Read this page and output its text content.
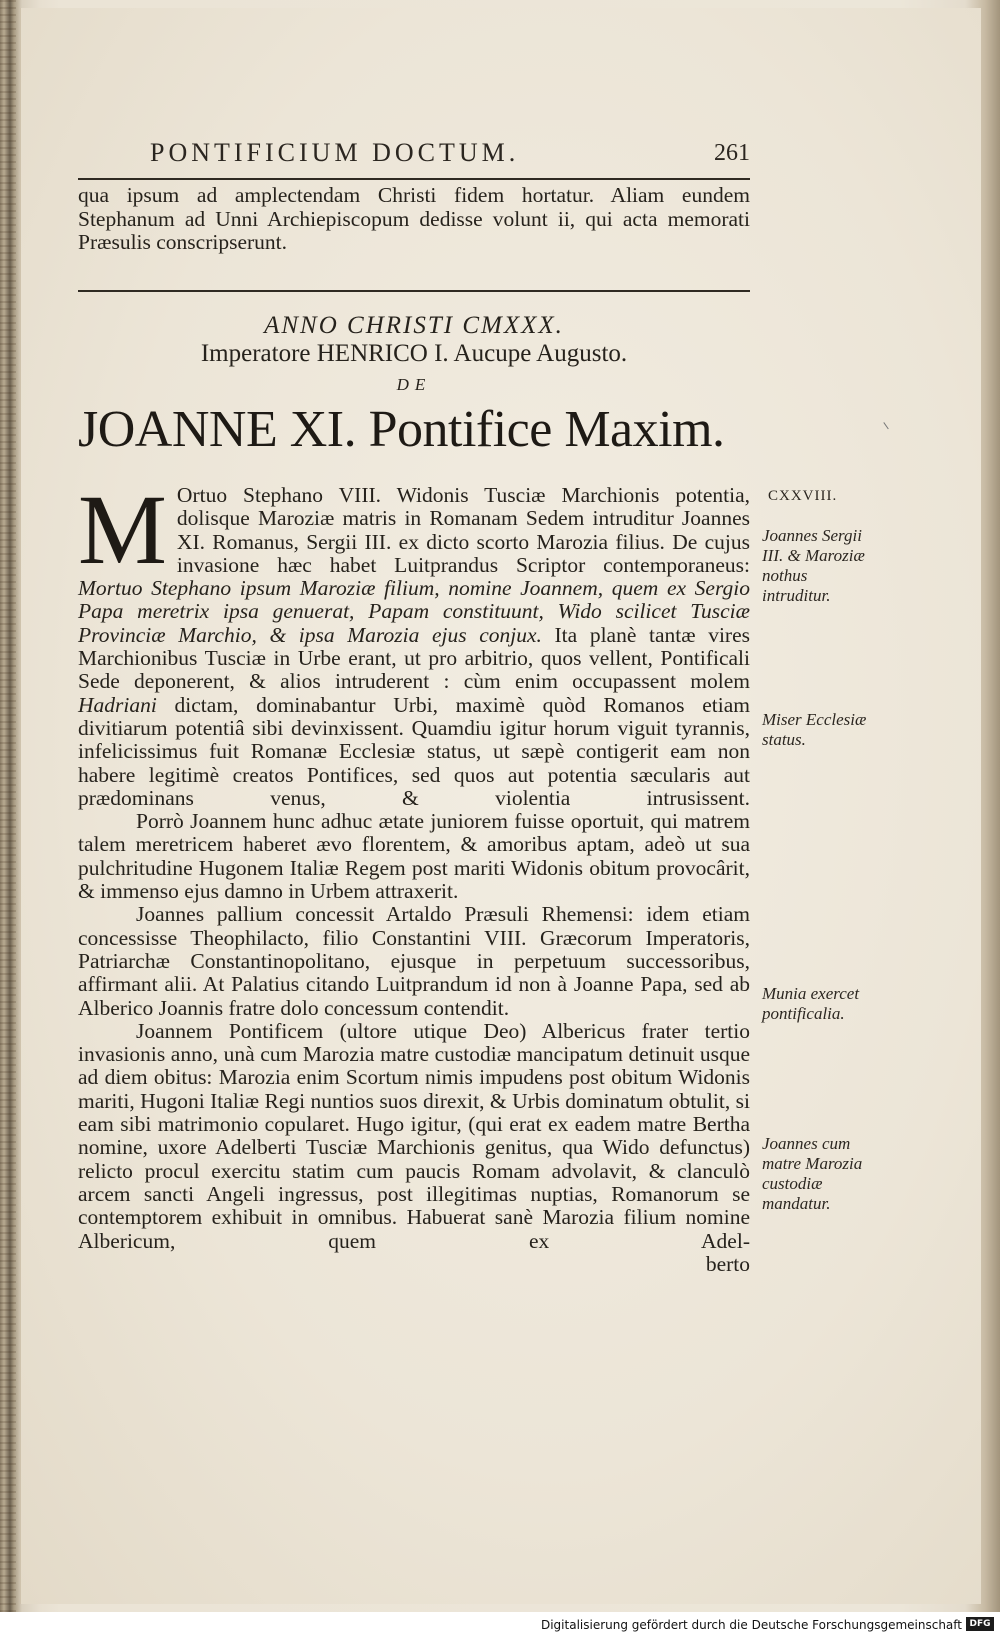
PONTIFICIUM DOCTUM.	261
qua ipsum ad amplectendam Christi fidem hortatur. Aliam eundem Stephanum ad Unni Archiepiscopum dedisse volunt ii, qui acta memorati Præsulis conscripserunt.
ANNO CHRISTI CMXXX.
Imperatore HENRICO I. Aucupe Augusto.
DE
JOANNE XI. Pontifice Maxim.

M Ortuo Stephano VIII. Widonis Tusciæ Marchionis potentia, dolisque Maroziæ matris in Romanam Sedem intruditur Joannes XI. Romanus, Sergii III. ex dicto scorto Marozia filius. De cujus invasione hæc habet Luitprandus Scriptor contemporaneus: Mortuo Stephano ipsum Maroziæ filium, nomine Joannem, quem ex Sergio Papa meretrix ipsa genuerat, Papam constituunt, Wido scilicet Tusciæ Provinciæ Marchio, & ipsa Marozia ejus conjux. Ita planè tantæ vires Marchionibus Tusciæ in Urbe erant, ut pro arbitrio, quos vellent, Pontificali Sede deponerent, & alios intruderent : cùm enim occupassent molem Hadriani dictam, dominabantur Urbi, maximè quòd Romanos etiam divitiarum potentiâ sibi devinxissent. Quamdiu igitur horum viguit tyrannis, infelicissimus fuit Romanæ Ecclesiæ status, ut sæpè contigerit eam non habere legitimè creatos Pontifices, sed quos aut potentia sæcularis aut prædominans venus, & violentia intrusissent.

Porrò Joannem hunc adhuc ætate juniorem fuisse oportuit, qui matrem talem meretricem haberet ævo florentem, & amoribus aptam, adeò ut sua pulchritudine Hugonem Italiæ Regem post mariti Widonis obitum provocârit, & immenso ejus damno in Urbem attraxerit.

Joannes pallium concessit Artaldo Præsuli Rhemensi: idem etiam concessisse Theophilacto, filio Constantini VIII. Græcorum Imperatoris, Patriarchæ Constantinopolitano, ejusque in perpetuum successoribus, affirmant alii. At Palatius citando Luitprandum id non à Joanne Papa, sed ab Alberico Joannis fratre dolo concessum contendit.

Joannem Pontificem (ultore utique Deo) Albericus frater tertio invasionis anno, unà cum Marozia matre custodiæ mancipatum detinuit usque ad diem obitus: Marozia enim Scortum nimis impudens post obitum Widonis mariti, Hugoni Italiæ Regi nuntios suos direxit, & Urbis dominatum obtulit, si eam sibi matrimonio copularet. Hugo igitur, (qui erat ex eadem matre Bertha nomine, uxore Adelberti Tusciæ Marchionis genitus, qua Wido defunctus) relicto procul exercitu statim cum paucis Romam advolavit, & clanculò arcem sancti Angeli ingressus, post illegitimas nuptias, Romanorum se contemptorem exhibuit in omnibus. Habuerat sanè Marozia filium nomine Albericum, quem ex Adel-

berto

CXXVIII.
Joannes Sergii III. & Maroziæ nothus intruditur.
Miser Ecclesiæ status.
Munia exercet pontificalia.
Joannes cum matre Marozia custodiæ mandatur.
Digitalisierung gefördert durch die Deutsche Forschungsgemeinschaft DFG
